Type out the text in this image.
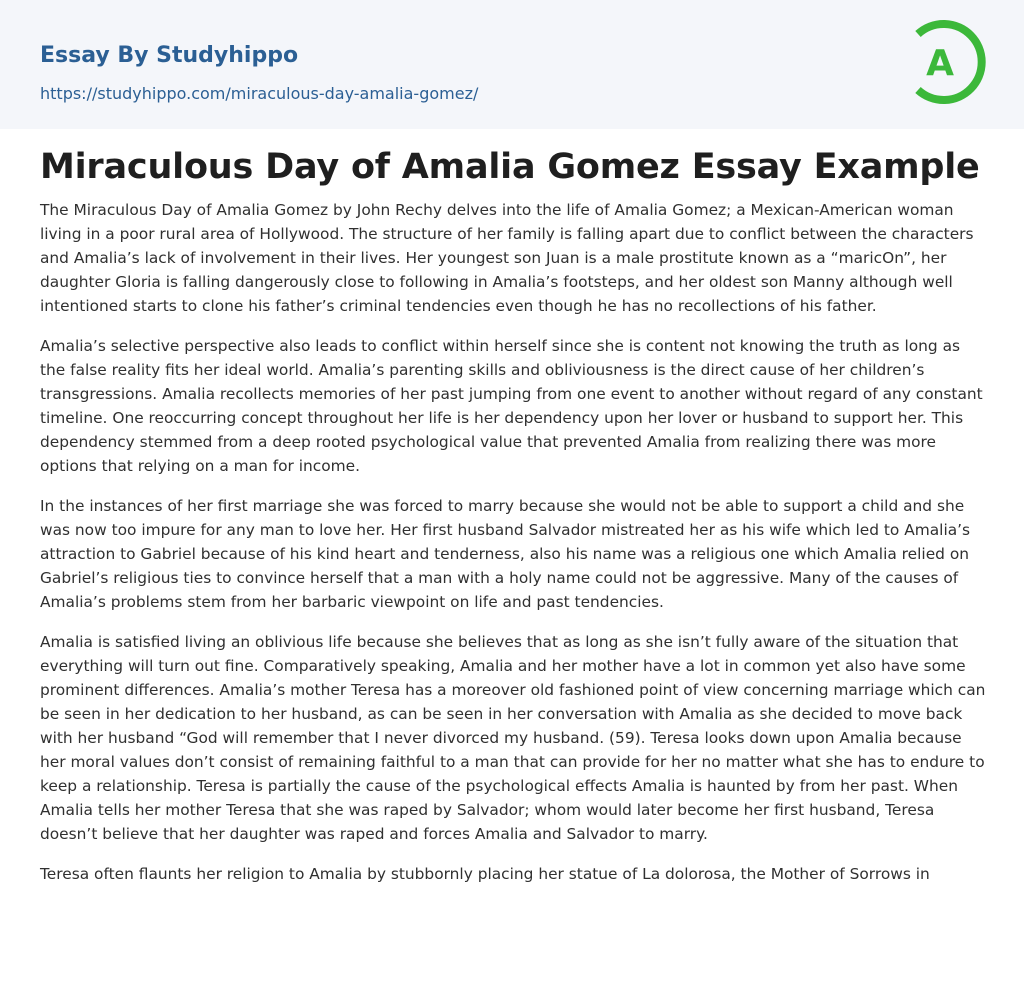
Essay By Studyhippo
https://studyhippo.com/miraculous-day-amalia-gomez/
A
Miraculous Day of Amalia Gomez Essay Example

The Miraculous Day of Amalia Gomez by John Rechy delves into the life of Amalia Gomez; a Mexican-American woman living in a poor rural area of Hollywood. The structure of her family is falling apart due to conflict between the characters and Amalia’s lack of involvement in their lives. Her youngest son Juan is a male prostitute known as a “maricOn”, her daughter Gloria is falling dangerously close to following in Amalia’s footsteps, and her oldest son Manny although well intentioned starts to clone his father’s criminal tendencies even though he has no recollections of his father.

Amalia’s selective perspective also leads to conflict within herself since she is content not knowing the truth as long as the false reality fits her ideal world. Amalia’s parenting skills and obliviousness is the direct cause of her children’s transgressions. Amalia recollects memories of her past jumping from one event to another without regard of any constant timeline. One reoccurring concept throughout her life is her dependency upon her lover or husband to support her. This dependency stemmed from a deep rooted psychological value that prevented Amalia from realizing there was more options that relying on a man for income.

In the instances of her first marriage she was forced to marry because she would not be able to support a child and she was now too impure for any man to love her. Her first husband Salvador mistreated her as his wife which led to Amalia’s attraction to Gabriel because of his kind heart and tenderness, also his name was a religious one which Amalia relied on Gabriel’s religious ties to convince herself that a man with a holy name could not be aggressive. Many of the causes of Amalia’s problems stem from her barbaric viewpoint on life and past tendencies.

Amalia is satisfied living an oblivious life because she believes that as long as she isn’t fully aware of the situation that everything will turn out fine. Comparatively speaking, Amalia and her mother have a lot in common yet also have some prominent differences. Amalia’s mother Teresa has a moreover old fashioned point of view concerning marriage which can be seen in her dedication to her husband, as can be seen in her conversation with Amalia as she decided to move back with her husband “God will remember that I never divorced my husband. (59). Teresa looks down upon Amalia because her moral values don’t consist of remaining faithful to a man that can provide for her no matter what she has to endure to keep a relationship. Teresa is partially the cause of the psychological effects Amalia is haunted by from her past. When Amalia tells her mother Teresa that she was raped by Salvador; whom would later become her first husband, Teresa doesn’t believe that her daughter was raped and forces Amalia and Salvador to marry.

Teresa often flaunts her religion to Amalia by stubbornly placing her statue of La dolorosa, the Mother of Sorrows in
